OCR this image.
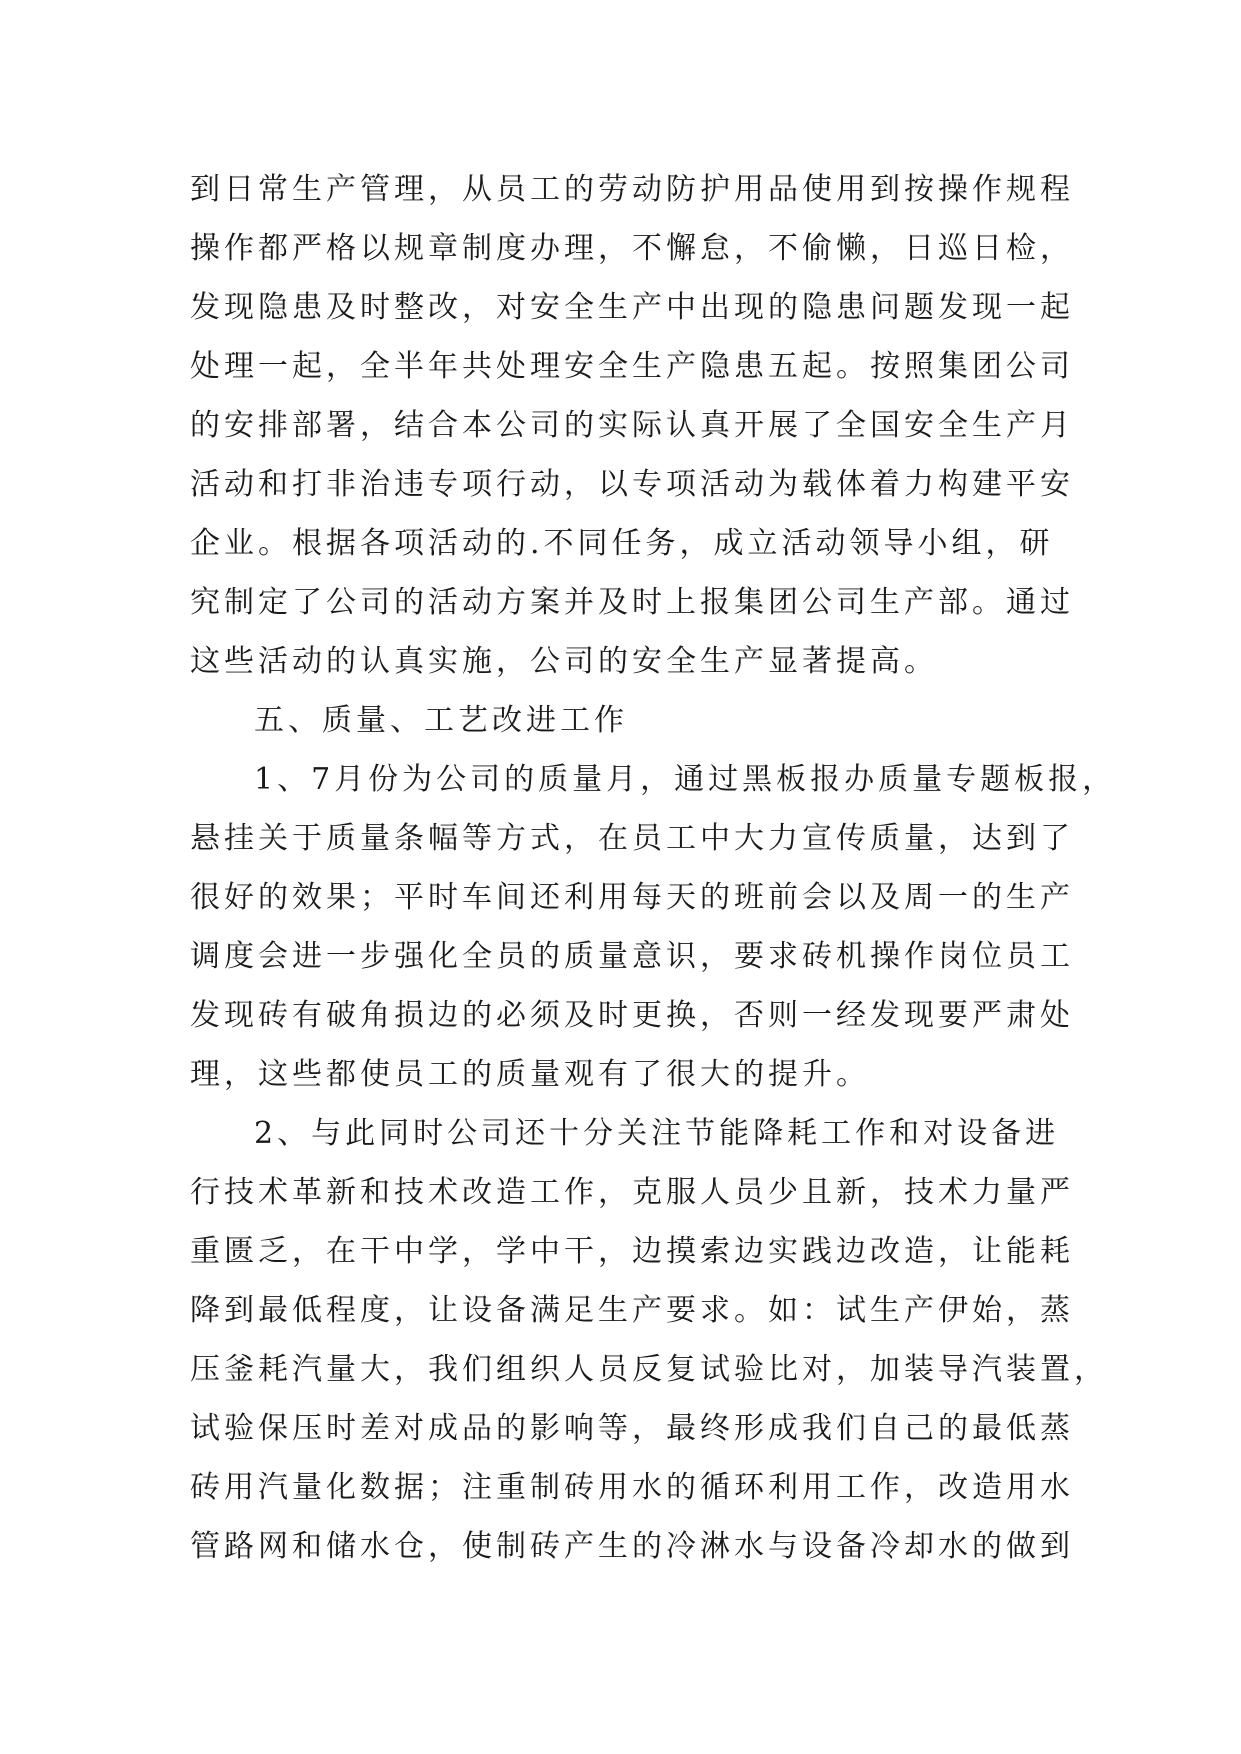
到日常生产管理，从员工的劳动防护用品使用到按操作规程
操作都严格以规章制度办理，不懈怠，不偷懒，日巡日检，
发现隐患及时整改，对安全生产中出现的隐患问题发现一起
处理一起，全半年共处理安全生产隐患五起。按照集团公司
的安排部署，结合本公司的实际认真开展了全国安全生产月
活动和打非治违专项行动，以专项活动为载体着力构建平安
企业。根据各项活动的.不同任务，成立活动领导小组，研
究制定了公司的活动方案并及时上报集团公司生产部。通过
这些活动的认真实施，公司的安全生产显著提高。
五、质量、工艺改进工作
1、7月份为公司的质量月，通过黑板报办质量专题板报，
悬挂关于质量条幅等方式，在员工中大力宣传质量，达到了
很好的效果；平时车间还利用每天的班前会以及周一的生产
调度会进一步强化全员的质量意识，要求砖机操作岗位员工
发现砖有破角损边的必须及时更换，否则一经发现要严肃处
理，这些都使员工的质量观有了很大的提升。
2、与此同时公司还十分关注节能降耗工作和对设备进
行技术革新和技术改造工作，克服人员少且新，技术力量严
重匮乏，在干中学，学中干，边摸索边实践边改造，让能耗
降到最低程度，让设备满足生产要求。如：试生产伊始，蒸
压釜耗汽量大，我们组织人员反复试验比对，加装导汽装置，
试验保压时差对成品的影响等，最终形成我们自己的最低蒸
砖用汽量化数据；注重制砖用水的循环利用工作，改造用水
管路网和储水仓，使制砖产生的冷淋水与设备冷却水的做到
